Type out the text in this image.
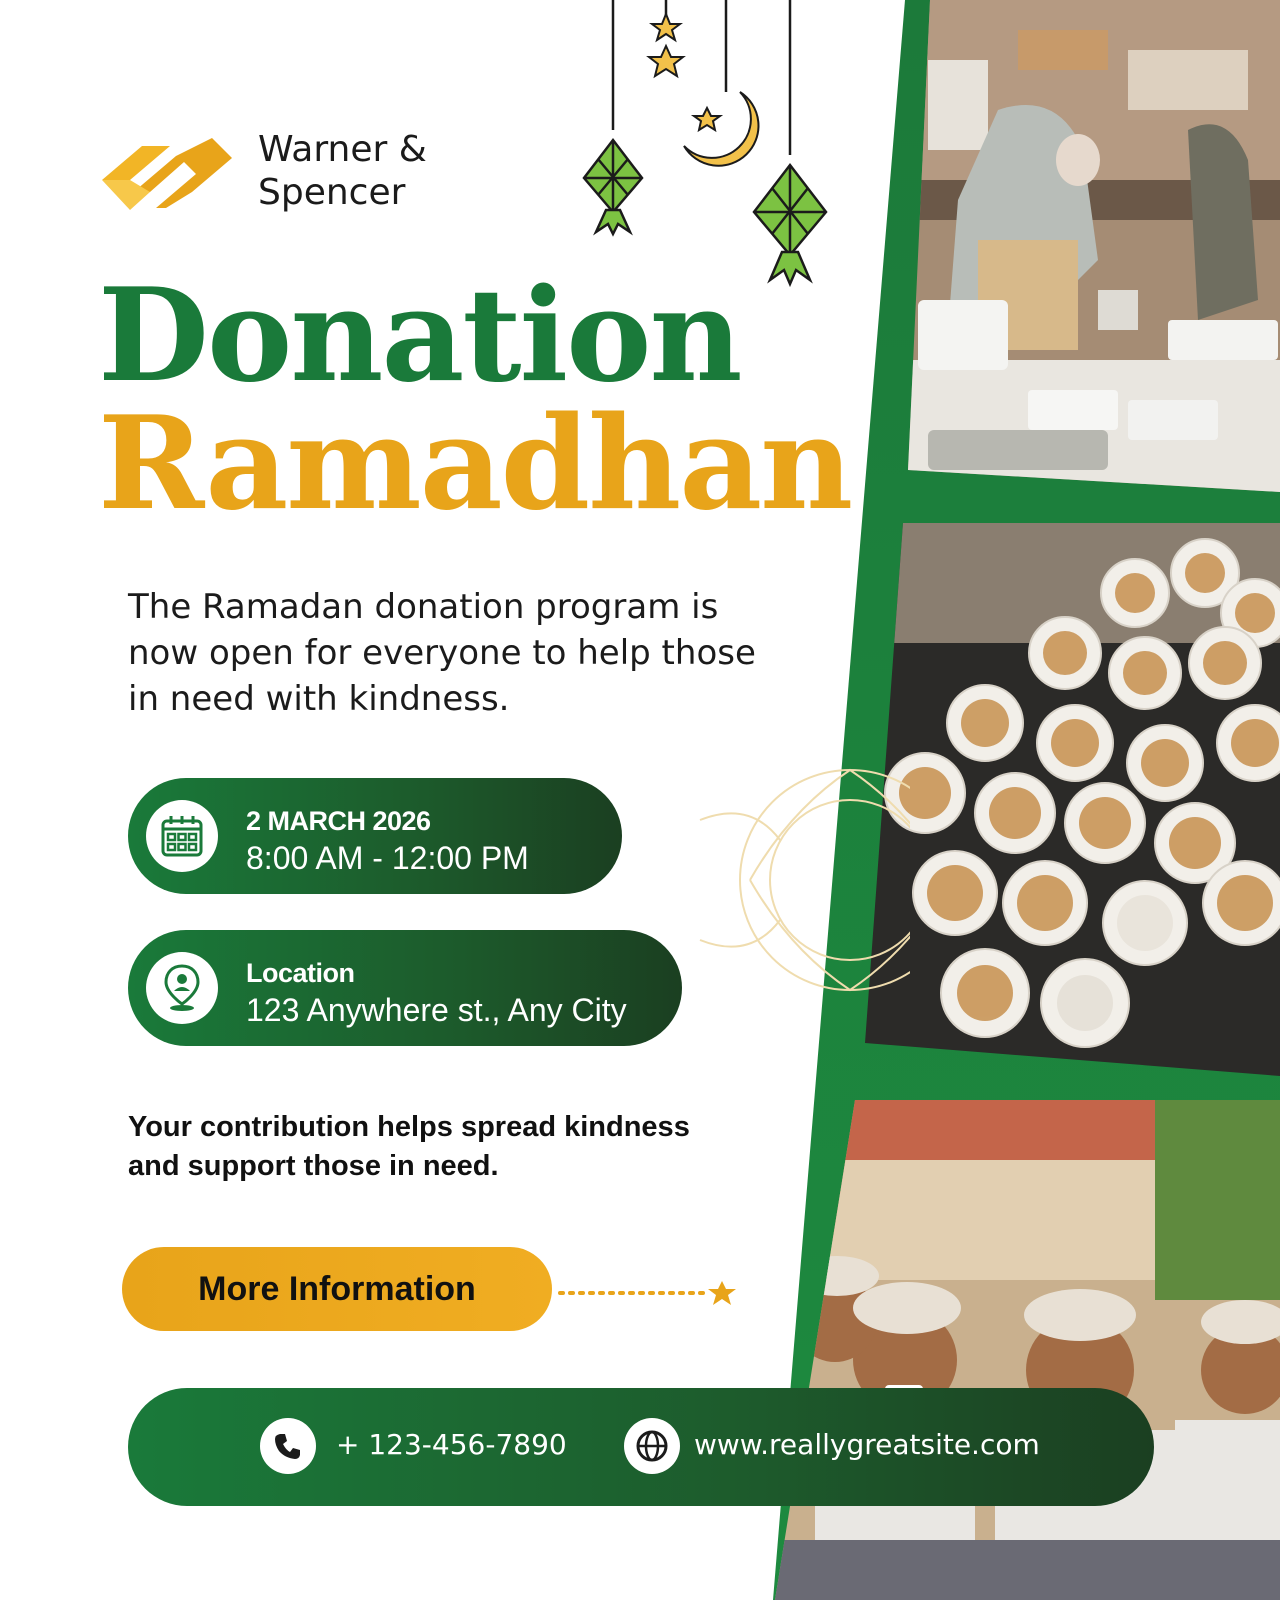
Warner & Spencer
Donation
Ramadhan
The Ramadan donation program is now open for everyone to help those in need with kindness.
2 MARCH 2026
8:00 AM - 12:00 PM
Location
123 Anywhere st., Any City
Your contribution helps spread kindness and support those in need.
More Information
+ 123-456-7890	www.reallygreatsite.com
